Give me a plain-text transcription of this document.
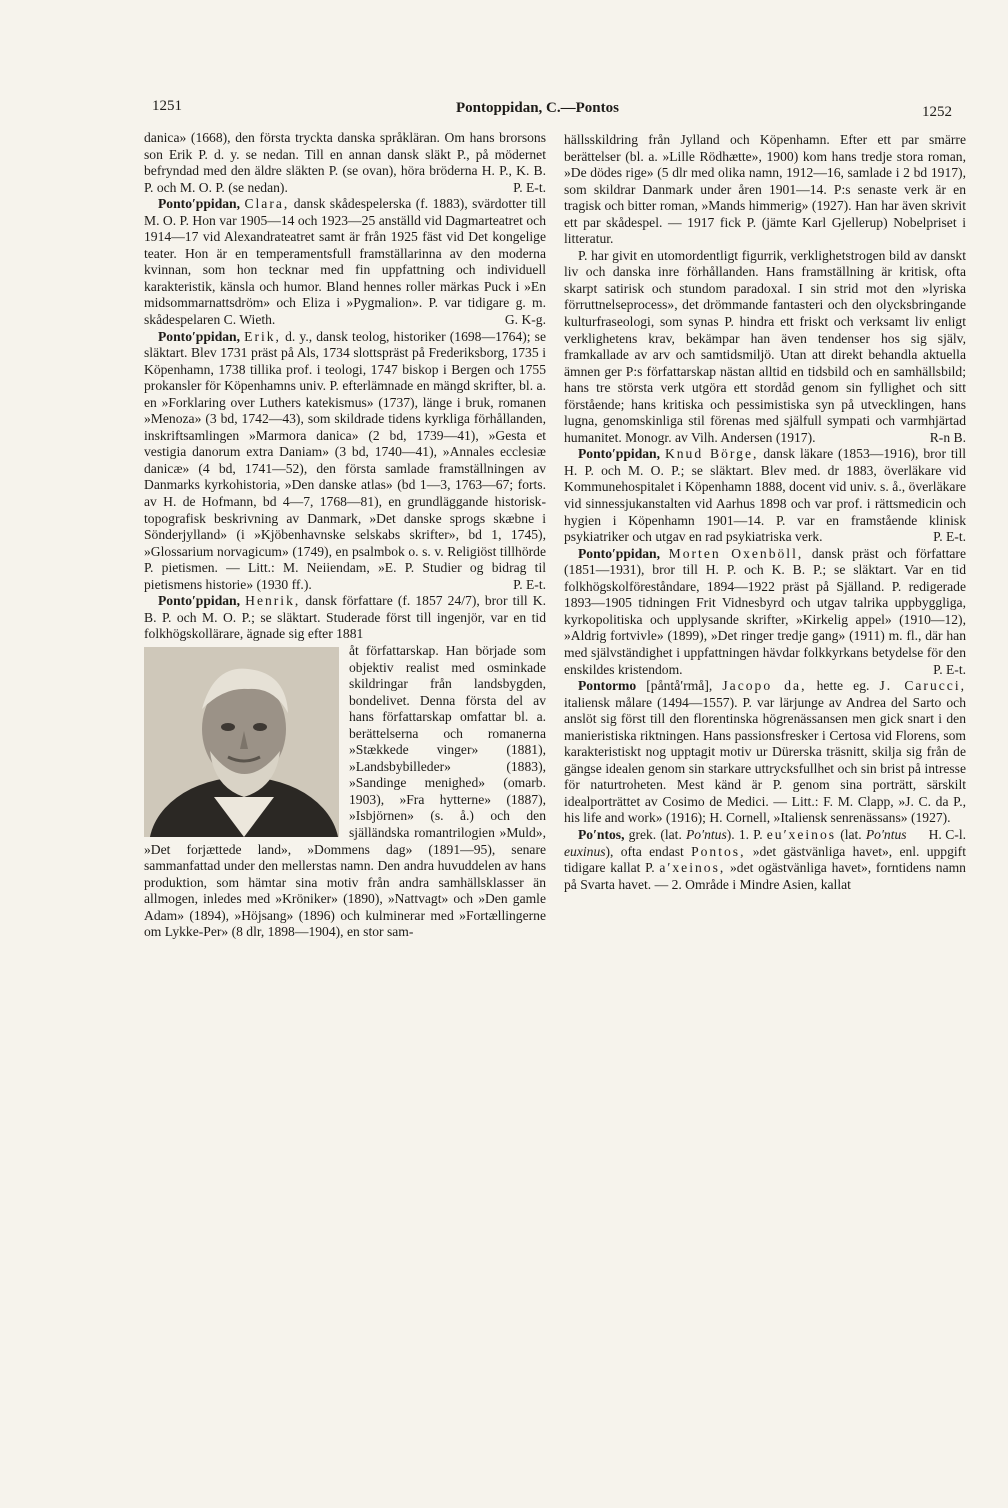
1251	Pontoppidan, C.—Pontos	1252

danica» (1668), den första tryckta danska språkläran. Om hans brorsons son Erik P. d. y. se nedan. Till en annan dansk släkt P., på mödernet befryndad med den äldre släkten P. (se ovan), höra bröderna H. P., K. B. P. och M. O. P. (se nedan).	P. E-t.

Ponto′ppidan, Clara, dansk skådespelerska (f. 1883), svärdotter till M. O. P. Hon var 1905—14 och 1923—25 anställd vid Dagmarteatret och 1914—17 vid Alexandrateatret samt är från 1925 fäst vid Det kongelige teater. Hon är en temperamentsfull framställarinna av den moderna kvinnan, som hon tecknar med fin uppfattning och individuell karakteristik, känsla och humor. Bland hennes roller märkas Puck i »En midsommarnattsdröm» och Eliza i »Pygmalion». P. var tidigare g. m. skådespelaren C. Wieth.	G. K-g.

Ponto′ppidan, Erik, d. y., dansk teolog, historiker (1698—1764); se släktart. Blev 1731 präst på Als, 1734 slottspräst på Frederiksborg, 1735 i Köpenhamn, 1738 tillika prof. i teologi, 1747 biskop i Bergen och 1755 prokansler för Köpenhamns univ. P. efterlämnade en mängd skrifter, bl. a. en »Forklaring over Luthers katekismus» (1737), länge i bruk, romanen »Menoza» (3 bd, 1742—43), som skildrade tidens kyrkliga förhållanden, inskriftsamlingen »Marmora danica» (2 bd, 1739—41), »Gesta et vestigia danorum extra Daniam» (3 bd, 1740—41), »Annales ecclesiæ danicæ» (4 bd, 1741—52), den första samlade framställningen av Danmarks kyrkohistoria, »Den danske atlas» (bd 1—3, 1763—67; forts. av H. de Hofmann, bd 4—7, 1768—81), en grundläggande historisk-topografisk beskrivning av Danmark, »Det danske sprogs skæbne i Sönderjylland» (i »Kjöbenhavnske selskabs skrifter», bd 1, 1745), »Glossarium norvagicum» (1749), en psalmbok o. s. v. Religiöst tillhörde P. pietismen. — Litt.: M. Neiiendam, »E. P. Studier og bidrag til pietismens historie» (1930 ff.).	P. E-t.

Ponto′ppidan, Henrik, dansk författare (f. 1857 24/7), bror till K. B. P. och M. O. P.; se släktart. Studerade först till ingenjör, var en tid folkhögskollärare, ägnade sig efter 1881

åt författarskap. Han började som objektiv realist med osminkade skildringar från landsbygden, bondelivet. Denna första del av hans författarskap omfattar bl. a. berättelserna och romanerna »Stækkede vinger» (1881), »Landsbybilleder» (1883), »Sandinge menighed» (omarb. 1903), »Fra hytterne» (1887), »Isbjörnen» (s. å.) och den själländska romantrilogien »Muld», »Det forjættede land», »Dommens dag» (1891—95), senare sammanfattad under den mellerstas namn. Den andra huvuddelen av hans produktion, som hämtar sina motiv från andra samhällsklasser än allmogen, inledes med »Kröniker» (1890), »Nattvagt» och »Den gamle Adam» (1894), »Höjsang» (1896) och kulminerar med »Fortællingerne om Lykke-Per» (8 dlr, 1898—1904), en stor sam-

hällsskildring från Jylland och Köpenhamn. Efter ett par smärre berättelser (bl. a. »Lille Rödhætte», 1900) kom hans tredje stora roman, »De dödes rige» (5 dlr med olika namn, 1912—16, samlade i 2 bd 1917), som skildrar Danmark under åren 1901—14. P:s senaste verk är en tragisk och bitter roman, »Mands himmerig» (1927). Han har även skrivit ett par skådespel. — 1917 fick P. (jämte Karl Gjellerup) Nobelpriset i litteratur.

P. har givit en utomordentligt figurrik, verklighetstrogen bild av danskt liv och danska inre förhållanden. Hans framställning är kritisk, ofta skarpt satirisk och stundom paradoxal. I sin strid mot den »lyriska förruttnelseprocess», det drömmande fantasteri och den olycksbringande kulturfraseologi, som synas P. hindra ett friskt och verksamt liv enligt verklighetens krav, bekämpar han även tendenser hos sig själv, framkallade av arv och samtidsmiljö. Utan att direkt behandla aktuella ämnen ger P:s författarskap nästan alltid en tidsbild och en samhällsbild; hans tre största verk utgöra ett stordåd genom sin fyllighet och sitt förstående; hans kritiska och pessimistiska syn på utvecklingen, hans lugna, genomskinliga stil förenas med själfull sympati och varmhjärtad humanitet. Monogr. av Vilh. Andersen (1917).	R-n B.

Ponto′ppidan, Knud Börge, dansk läkare (1853—1916), bror till H. P. och M. O. P.; se släktart. Blev med. dr 1883, överläkare vid Kommunehospitalet i Köpenhamn 1888, docent vid univ. s. å., överläkare vid sinnessjukanstalten vid Aarhus 1898 och var prof. i rättsmedicin och hygien i Köpenhamn 1901—14. P. var en framstående klinisk psykiatriker och utgav en rad psykiatriska verk.	P. E-t.

Ponto′ppidan, Morten Oxenböll, dansk präst och författare (1851—1931), bror till H. P. och K. B. P.; se släktart. Var en tid folkhögskolföreståndare, 1894—1922 präst på Själland. P. redigerade 1893—1905 tidningen Frit Vidnesbyrd och utgav talrika uppbyggliga, kyrkopolitiska och upplysande skrifter, »Kirkelig appel» (1910—12), »Aldrig fortvivle» (1899), »Det ringer tredje gang» (1911) m. fl., där han med självständighet i uppfattningen hävdar folkkyrkans betydelse för den enskildes kristendom.	P. E-t.

Pontormo [påntå′rmå], Jacopo da, hette eg. J. Carucci, italiensk målare (1494—1557). P. var lärjunge av Andrea del Sarto och anslöt sig först till den florentinska högrenässansen men gick snart i den manieristiska riktningen. Hans passionsfresker i Certosa vid Florens, som karakteristiskt nog upptagit motiv ur Dürerska träsnitt, skilja sig från de gängse idealen genom sin starkare uttrycksfullhet och sin brist på intresse för naturtroheten. Mest känd är P. genom sina porträtt, särskilt idealporträttet av Cosimo de Medici. — Litt.: F. M. Clapp, »J. C. da P., his life and work» (1916); H. Cornell, »Italiensk senrenässans» (1927).
H. C-l.

Po′ntos, grek. (lat. Po′ntus). 1. P. eu′xeinos (lat. Po′ntus euxinus), ofta endast Pontos, »det gästvänliga havet», enl. uppgift tidigare kallat P. a′xeinos, »det ogästvänliga havet», forntidens namn på Svarta havet. — 2. Område i Mindre Asien, kallat
